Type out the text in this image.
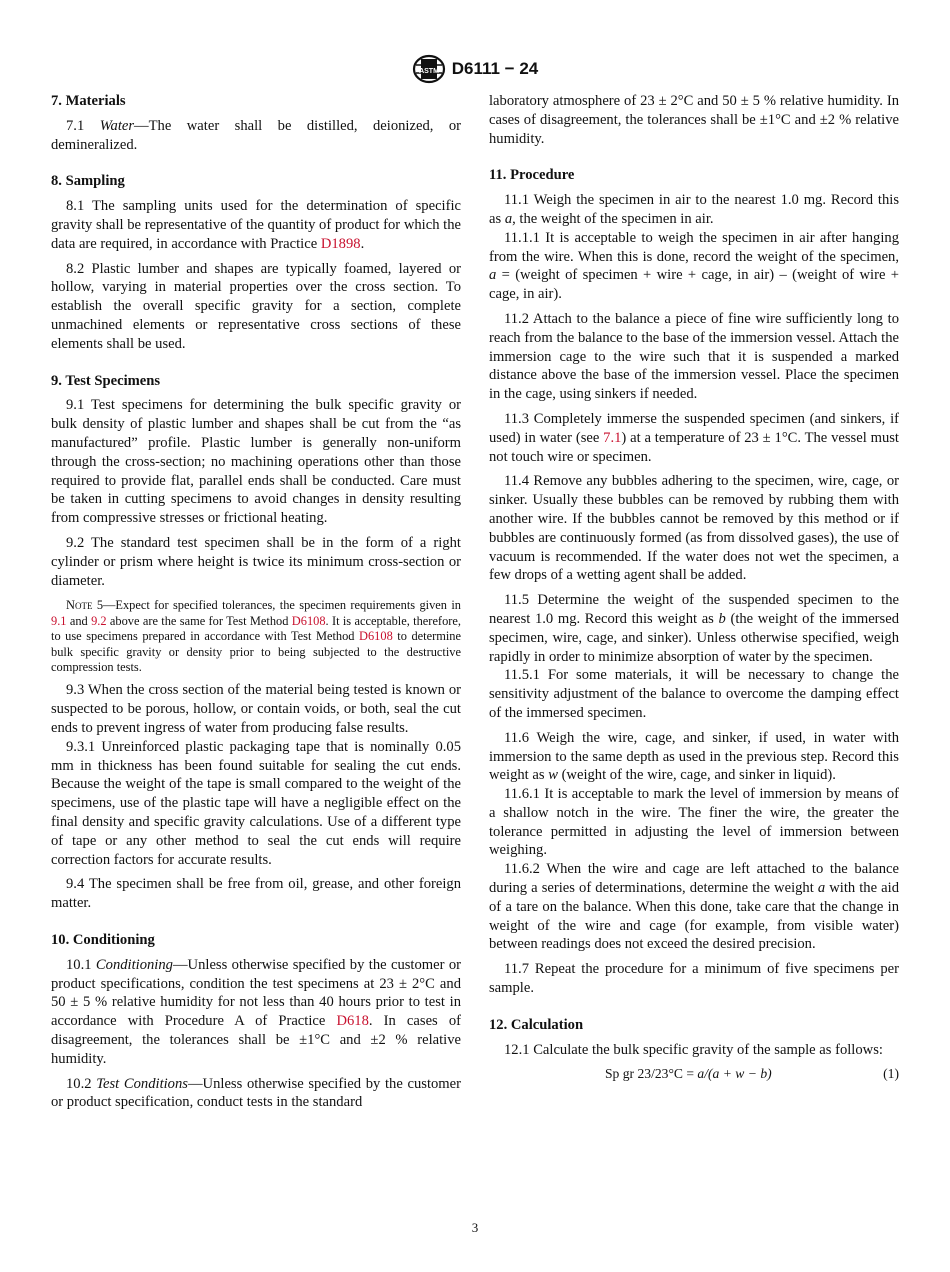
ASTM D6111 − 24
7. Materials

7.1 Water—The water shall be distilled, deionized, or demineralized.

8. Sampling

8.1 The sampling units used for the determination of specific gravity shall be representative of the quantity of product for which the data are required, in accordance with Practice D1898.

8.2 Plastic lumber and shapes are typically foamed, layered or hollow, varying in material properties over the cross section. To establish the overall specific gravity for a section, complete unmachined elements or representative cross sections of these elements shall be used.

9. Test Specimens

9.1 Test specimens for determining the bulk specific gravity or bulk density of plastic lumber and shapes shall be cut from the “as manufactured” profile. Plastic lumber is generally non-uniform through the cross-section; no machining operations other than those required to provide flat, parallel ends shall be conducted. Care must be taken in cutting specimens to avoid changes in density resulting from compressive stresses or frictional heating.

9.2 The standard test specimen shall be in the form of a right cylinder or prism where height is twice its minimum cross-section or diameter.

Note 5—Expect for specified tolerances, the specimen requirements given in 9.1 and 9.2 above are the same for Test Method D6108. It is acceptable, therefore, to use specimens prepared in accordance with Test Method D6108 to determine bulk specific gravity or density prior to being subjected to the destructive compression tests.

9.3 When the cross section of the material being tested is known or suspected to be porous, hollow, or contain voids, or both, seal the cut ends to prevent ingress of water from producing false results.

9.3.1 Unreinforced plastic packaging tape that is nominally 0.05 mm in thickness has been found suitable for sealing the cut ends. Because the weight of the tape is small compared to the weight of the specimens, use of the plastic tape will have a negligible effect on the final density and specific gravity calculations. Use of a different type of tape or any other method to seal the cut ends will require correction factors for accurate results.

9.4 The specimen shall be free from oil, grease, and other foreign matter.

10. Conditioning

10.1 Conditioning—Unless otherwise specified by the customer or product specifications, condition the test specimens at 23 ± 2°C and 50 ± 5 % relative humidity for not less than 40 hours prior to test in accordance with Procedure A of Practice D618. In cases of disagreement, the tolerances shall be ±1°C and ±2 % relative humidity.

10.2 Test Conditions—Unless otherwise specified by the customer or product specification, conduct tests in the standard

laboratory atmosphere of 23 ± 2°C and 50 ± 5 % relative humidity. In cases of disagreement, the tolerances shall be ±1°C and ±2 % relative humidity.

11. Procedure

11.1 Weigh the specimen in air to the nearest 1.0 mg. Record this as a, the weight of the specimen in air.

11.1.1 It is acceptable to weigh the specimen in air after hanging from the wire. When this is done, record the weight of the specimen, a = (weight of specimen + wire + cage, in air) – (weight of wire + cage, in air).

11.2 Attach to the balance a piece of fine wire sufficiently long to reach from the balance to the base of the immersion vessel. Attach the immersion cage to the wire such that it is suspended a marked distance above the base of the immersion vessel. Place the specimen in the cage, using sinkers if needed.

11.3 Completely immerse the suspended specimen (and sinkers, if used) in water (see 7.1) at a temperature of 23 ± 1°C. The vessel must not touch wire or specimen.

11.4 Remove any bubbles adhering to the specimen, wire, cage, or sinker. Usually these bubbles can be removed by rubbing them with another wire. If the bubbles cannot be removed by this method or if bubbles are continuously formed (as from dissolved gases), the use of vacuum is recommended. If the water does not wet the specimen, a few drops of a wetting agent shall be added.

11.5 Determine the weight of the suspended specimen to the nearest 1.0 mg. Record this weight as b (the weight of the immersed specimen, wire, cage, and sinker). Unless otherwise specified, weigh rapidly in order to minimize absorption of water by the specimen.

11.5.1 For some materials, it will be necessary to change the sensitivity adjustment of the balance to overcome the damping effect of the immersed specimen.

11.6 Weigh the wire, cage, and sinker, if used, in water with immersion to the same depth as used in the previous step. Record this weight as w (weight of the wire, cage, and sinker in liquid).

11.6.1 It is acceptable to mark the level of immersion by means of a shallow notch in the wire. The finer the wire, the greater the tolerance permitted in adjusting the level of immersion between weighing.

11.6.2 When the wire and cage are left attached to the balance during a series of determinations, determine the weight a with the aid of a tare on the balance. When this done, take care that the change in weight of the wire and cage (for example, from visible water) between readings does not exceed the desired precision.

11.7 Repeat the procedure for a minimum of five specimens per sample.

12. Calculation

12.1 Calculate the bulk specific gravity of the sample as follows:

Sp gr 23/23°C = a/(a + w − b)	(1)
3
